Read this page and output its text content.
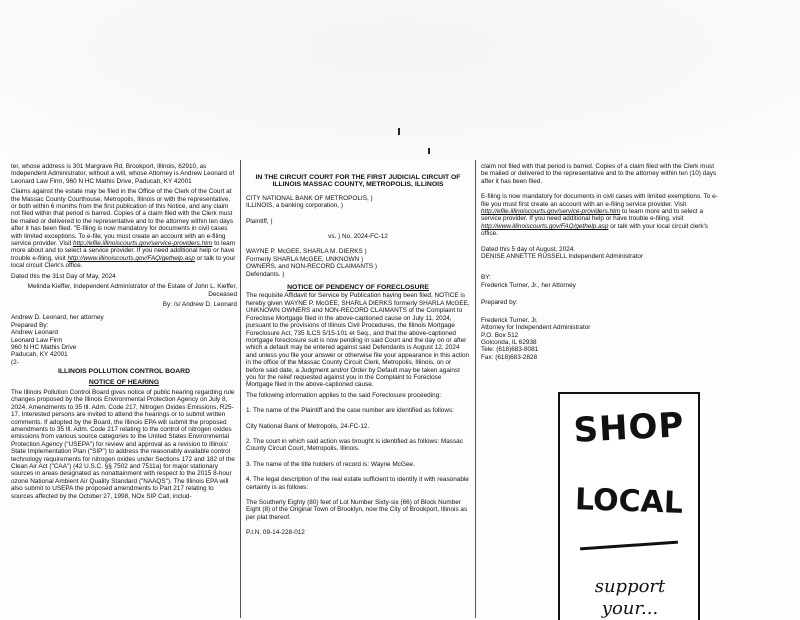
ter, whose address is 301 Margrave Rd, Brookport, Illinois, 62910, as Independent Administrator, without a will, whose Attorney is Andrew Leonard of Leonard Law Firm, 960 N HC Mathis Drive, Paducah, KY 42001

Claims against the estate may be filed in the Office of the Clerk of the Court at the Massac County Courthouse, Metropolis, Illinois or with the representative, or both within 6 months from the first publication of this Notice, and any claim not filed within that period is barred. Copies of a claim filed with the Clerk must be mailed or delivered to the representative and to the attorney within ten days after it has been filed. "E-filing is now mandatory for documents in civil cases with limited exceptions. To e-file, you must create an account with an e-filing service provider. Visit http://efile.illinoiscourts.gov/service-providers.htm to learn more about and to select a service provider. If you need additional help or have trouble e-filing, visit http://www.illinoiscourts.gov/FAQ/gethelp.asp or talk to your local circuit Clerk's office.

Dated this the 31st Day of May, 2024

Melinda Kieffer, Independent Administrator of the Estate of John L. Kieffer, Deceased

By: /s/ Andrew D. Leonard

Andrew D. Leonard, her attorney

Prepared By:

Andrew Leonard

Leonard Law Firm

960 N HC Mathis Drive

Paducah, KY 42001

(2-

ILLINOIS POLLUTION CONTROL BOARD

NOTICE OF HEARING

The Illinois Pollution Control Board gives notice of public hearing regarding rule changes proposed by the Illinois Environmental Protection Agency on July 8, 2024. Amendments to 35 Ill. Adm. Code 217, Nitrogen Oxides Emissions, R25-17. Interested persons are invited to attend the hearings or to submit written comments. If adopted by the Board, the Illinois EPA will submit the proposed amendments to 35 Ill. Adm. Code 217 relating to the control of nitrogen oxides emissions from various source categories to the United States Environmental Protection Agency ("USEPA") for review and approval as a revision to Illinois' State Implementation Plan ("SIP") to address the reasonably available control technology requirements for nitrogen oxides under Sections 172 and 182 of the Clean Air Act ("CAA") (42 U.S.C. §§ 7502 and 7511a) for major stationary sources in areas designated as nonattainment with respect to the 2015 8-hour ozone National Ambient Air Quality Standard ("NAAQS"). The Illinois EPA will also submit to USEPA the proposed amendments to Part 217 relating to sources affected by the October 27, 1998, NOx SIP Call, includ-

IN THE CIRCUIT COURT FOR THE FIRST JUDICIAL CIRCUIT OF ILLINOIS MASSAC COUNTY, METROPOLIS, ILLINOIS

CITY NATIONAL BANK OF METROPOLIS, )

ILLINOIS, a banking corporation, )

Plaintiff, )

vs. ) No. 2024-FC-12

WAYNE P. McGEE, SHARLA M. DIERKS )

Formerly SHARLA McGEE, UNKNOWN )

OWNERS, and NON-RECORD CLAIMANTS )

Defendants. )

NOTICE OF PENDENCY OF FORECLOSURE

The requisite Affidavit for Service by Publication having been filed, NOTICE is hereby given WAYNE P. McGEE, SHARLA DIERKS formerly SHARLA McGEE, UNKNOWN OWNERS and NON-RECORD CLAIMANTS of the Complaint to Foreclose Mortgage filed in the above-captioned cause on July 11, 2024, pursuant to the provisions of Illinois Civil Procedures, the Illinois Mortgage Foreclosure Act, 735 ILCS 5/15-101 et Seq., and that the above-captioned mortgage foreclosure suit is now pending in said Court and the day on or after which a default may be entered against said Defendants is August 12, 2024 and unless you file your answer or otherwise file your appearance in this action in the office of the Massac County Circuit Clerk, Metropolis, Illinois, on or before said date, a Judgment and/or Order by Default may be taken against you for the relief requested against you in the Complaint to Foreclose Mortgage filed in the above-captioned cause.

The following information applies to the said Foreclosure proceeding:

1. The name of the Plaintiff and the case number are identified as follows:

City National Bank of Metropolis, 24-FC-12.

2. The court in which said action was brought is identified as follows: Massac County Circuit Court, Metropolis, Illinois.

3. The name of the title holders of record is: Wayne McGee.

4. The legal description of the real estate sufficient to identify it with reasonable certainty is as follows:

The Southerly Eighty (80) feet of Lot Number Sixty-six (66) of Block Number Eight (8) of the Original Town of Brooklyn, now the City of Brookport, Illinois as per plat thereof.

P.I.N. 09-14-228-012

claim not filed with that period is barred. Copies of a claim filed with the Clerk must be mailed or delivered to the representative and to the attorney within ten (10) days after it has been filed.

E-filing is now mandatory for documents in civil cases with limited exemptions. To e-file you must first create an account with an e-filing service provider. Visit http://efile.illinoiscourts.gov/service-providers.htm to learn more and to select a service provider. If you need additional help or have trouble e-filing, visit http://www.illinoiscourts.gov/FAQ/gethelp.asp or talk with your local circuit clerk's office.

Dated this 5 day of August, 2024.

DENISE ANNETTE RUSSELL Independent Administrator

BY:

Frederick Turner, Jr., her Attorney

Prepared by:

Frederick Turner, Jr.

Attorney for Independent Administrator

P.O. Box 512

Golconda, IL 62938

Tele: (618)683-8081

Fax: (618)683-2828

SHOP
LOCAL
support your...
